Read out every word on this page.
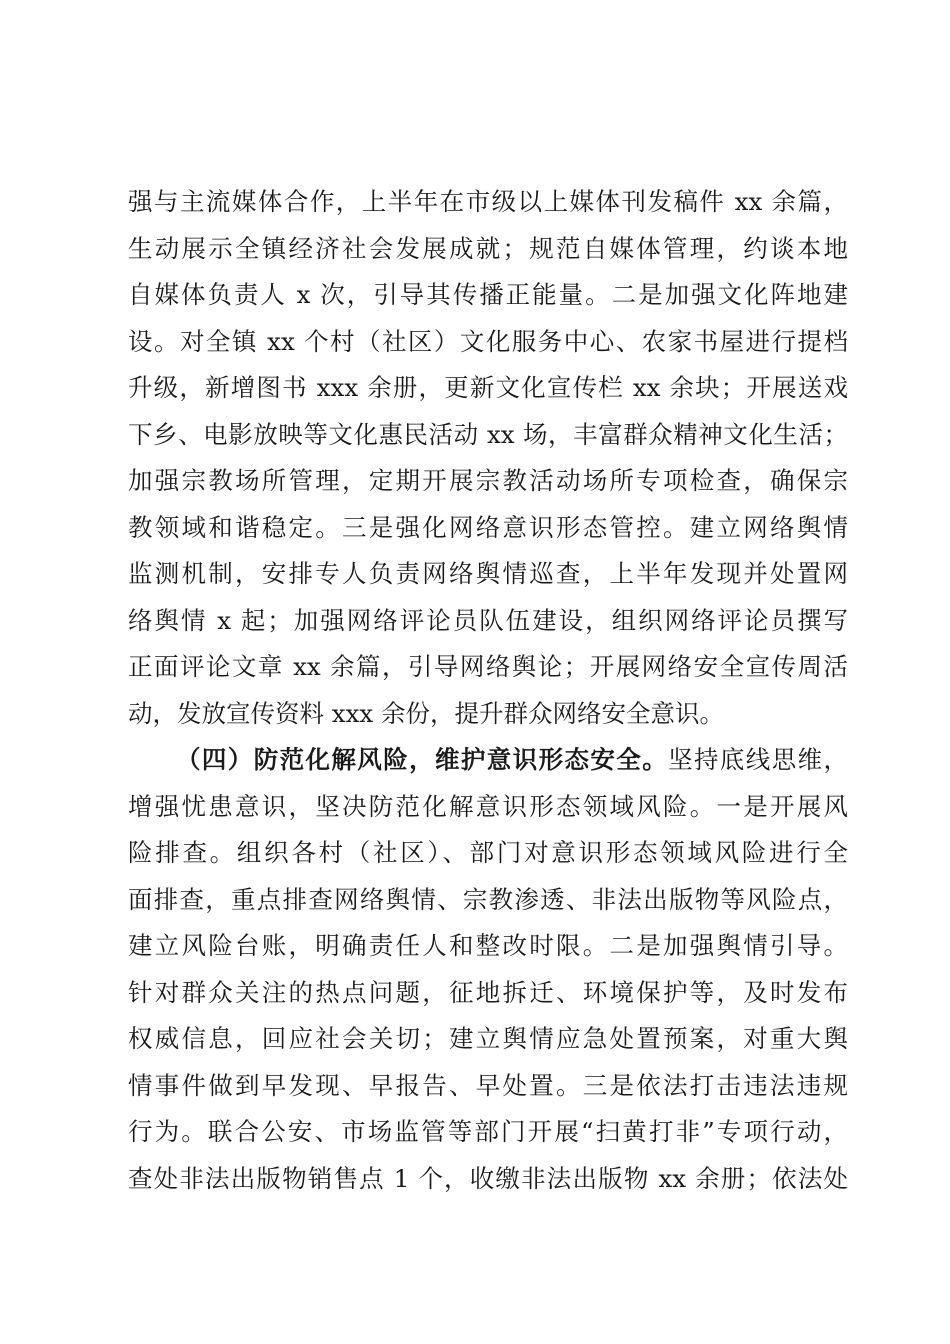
强与主流媒体合作，上半年在市级以上媒体刊发稿件 xx 余篇，
生动展示全镇经济社会发展成就；规范自媒体管理，约谈本地
自媒体负责人 x 次，引导其传播正能量。二是加强文化阵地建
设。对全镇 xx 个村（社区）文化服务中心、农家书屋进行提档
升级，新增图书 xxx 余册，更新文化宣传栏 xx 余块；开展送戏
下乡、电影放映等文化惠民活动 xx 场，丰富群众精神文化生活；
加强宗教场所管理，定期开展宗教活动场所专项检查，确保宗
教领域和谐稳定。三是强化网络意识形态管控。建立网络舆情
监测机制，安排专人负责网络舆情巡查，上半年发现并处置网
络舆情 x 起；加强网络评论员队伍建设，组织网络评论员撰写
正面评论文章 xx 余篇，引导网络舆论；开展网络安全宣传周活
动，发放宣传资料 xxx 余份，提升群众网络安全意识。
（四）防范化解风险，维护意识形态安全。坚持底线思维，
增强忧患意识，坚决防范化解意识形态领域风险。一是开展风
险排查。组织各村（社区）、部门对意识形态领域风险进行全
面排查，重点排查网络舆情、宗教渗透、非法出版物等风险点，
建立风险台账，明确责任人和整改时限。二是加强舆情引导。
针对群众关注的热点问题，征地拆迁、环境保护等，及时发布
权威信息，回应社会关切；建立舆情应急处置预案，对重大舆
情事件做到早发现、早报告、早处置。三是依法打击违法违规
行为。联合公安、市场监管等部门开展“扫黄打非”专项行动，
查处非法出版物销售点 1 个，收缴非法出版物 xx 余册；依法处
